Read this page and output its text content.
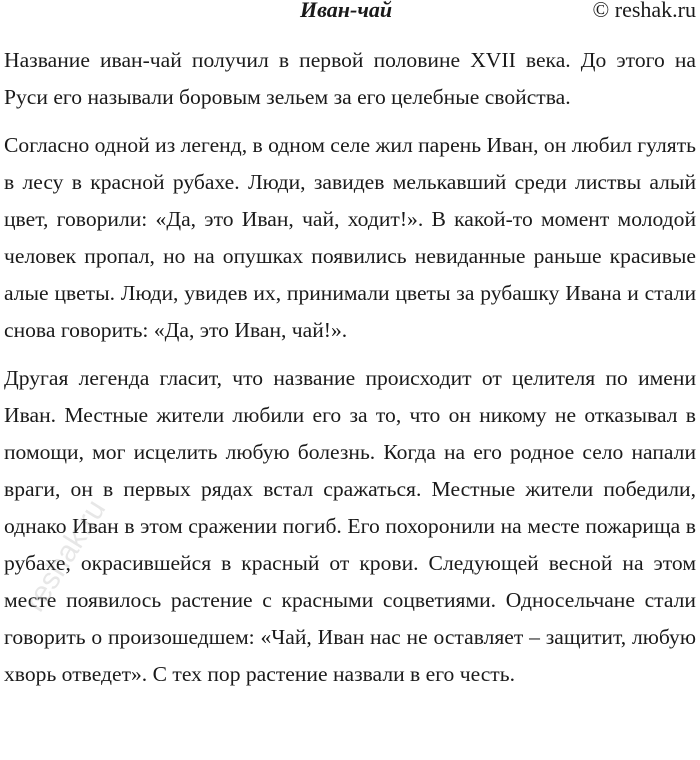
Иван-чай	© reshak.ru

Название иван-чай получил в первой половине XVII века. До этого на Руси его называли боровым зельем за его целебные свойства.

Согласно одной из легенд, в одном селе жил парень Иван, он любил гулять в лесу в красной рубахе. Люди, завидев мелькавший среди листвы алый цвет, говорили: «Да, это Иван, чай, ходит!». В какой-то момент молодой человек пропал, но на опушках появились невиданные раньше красивые алые цветы. Люди, увидев их, принимали цветы за рубашку Ивана и стали снова говорить: «Да, это Иван, чай!».

Другая легенда гласит, что название происходит от целителя по имени Иван. Местные жители любили его за то, что он никому не отказывал в помощи, мог исцелить любую болезнь. Когда на его родное село напали враги, он в первых рядах встал сражаться. Местные жители победили, однако Иван в этом сражении погиб. Его похоронили на месте пожарища в рубахе, окрасившейся в красный от крови. Следующей весной на этом месте появилось растение с красными соцветиями. Односельчане стали говорить о произошедшем: «Чай, Иван нас не оставляет – защитит, любую хворь отведет». С тех пор растение назвали в его честь.

reshak.ru
